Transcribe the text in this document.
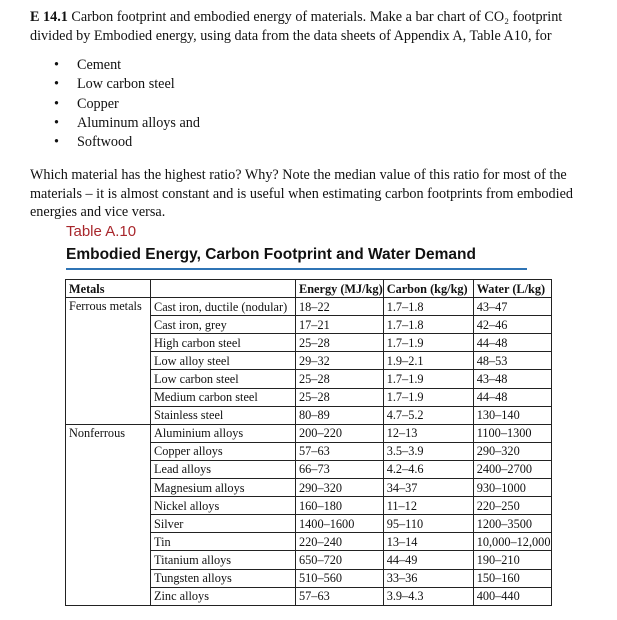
E 14.1 Carbon footprint and embodied energy of materials. Make a bar chart of CO₂ footprint divided by Embodied energy, using data from the data sheets of Appendix A, Table A10, for
• Cement
• Low carbon steel
• Copper
• Aluminum alloys and
• Softwood
Which material has the highest ratio? Why? Note the median value of this ratio for most of the materials – it is almost constant and is useful when estimating carbon footprints from embodied energies and vice versa.
Table A.10
Embodied Energy, Carbon Footprint and Water Demand
Metals		Energy (MJ/kg)	Carbon (kg/kg)	Water (L/kg)
Ferrous metals	Cast iron, ductile (nodular)	18–22	1.7–1.8	43–47
	Cast iron, grey	17–21	1.7–1.8	42–46
	High carbon steel	25–28	1.7–1.9	44–48
	Low alloy steel	29–32	1.9–2.1	48–53
	Low carbon steel	25–28	1.7–1.9	43–48
	Medium carbon steel	25–28	1.7–1.9	44–48
	Stainless steel	80–89	4.7–5.2	130–140
Nonferrous	Aluminium alloys	200–220	12–13	1100–1300
	Copper alloys	57–63	3.5–3.9	290–320
	Lead alloys	66–73	4.2–4.6	2400–2700
	Magnesium alloys	290–320	34–37	930–1000
	Nickel alloys	160–180	11–12	220–250
	Silver	1400–1600	95–110	1200–3500
	Tin	220–240	13–14	10,000–12,000
	Titanium alloys	650–720	44–49	190–210
	Tungsten alloys	510–560	33–36	150–160
	Zinc alloys	57–63	3.9–4.3	400–440
